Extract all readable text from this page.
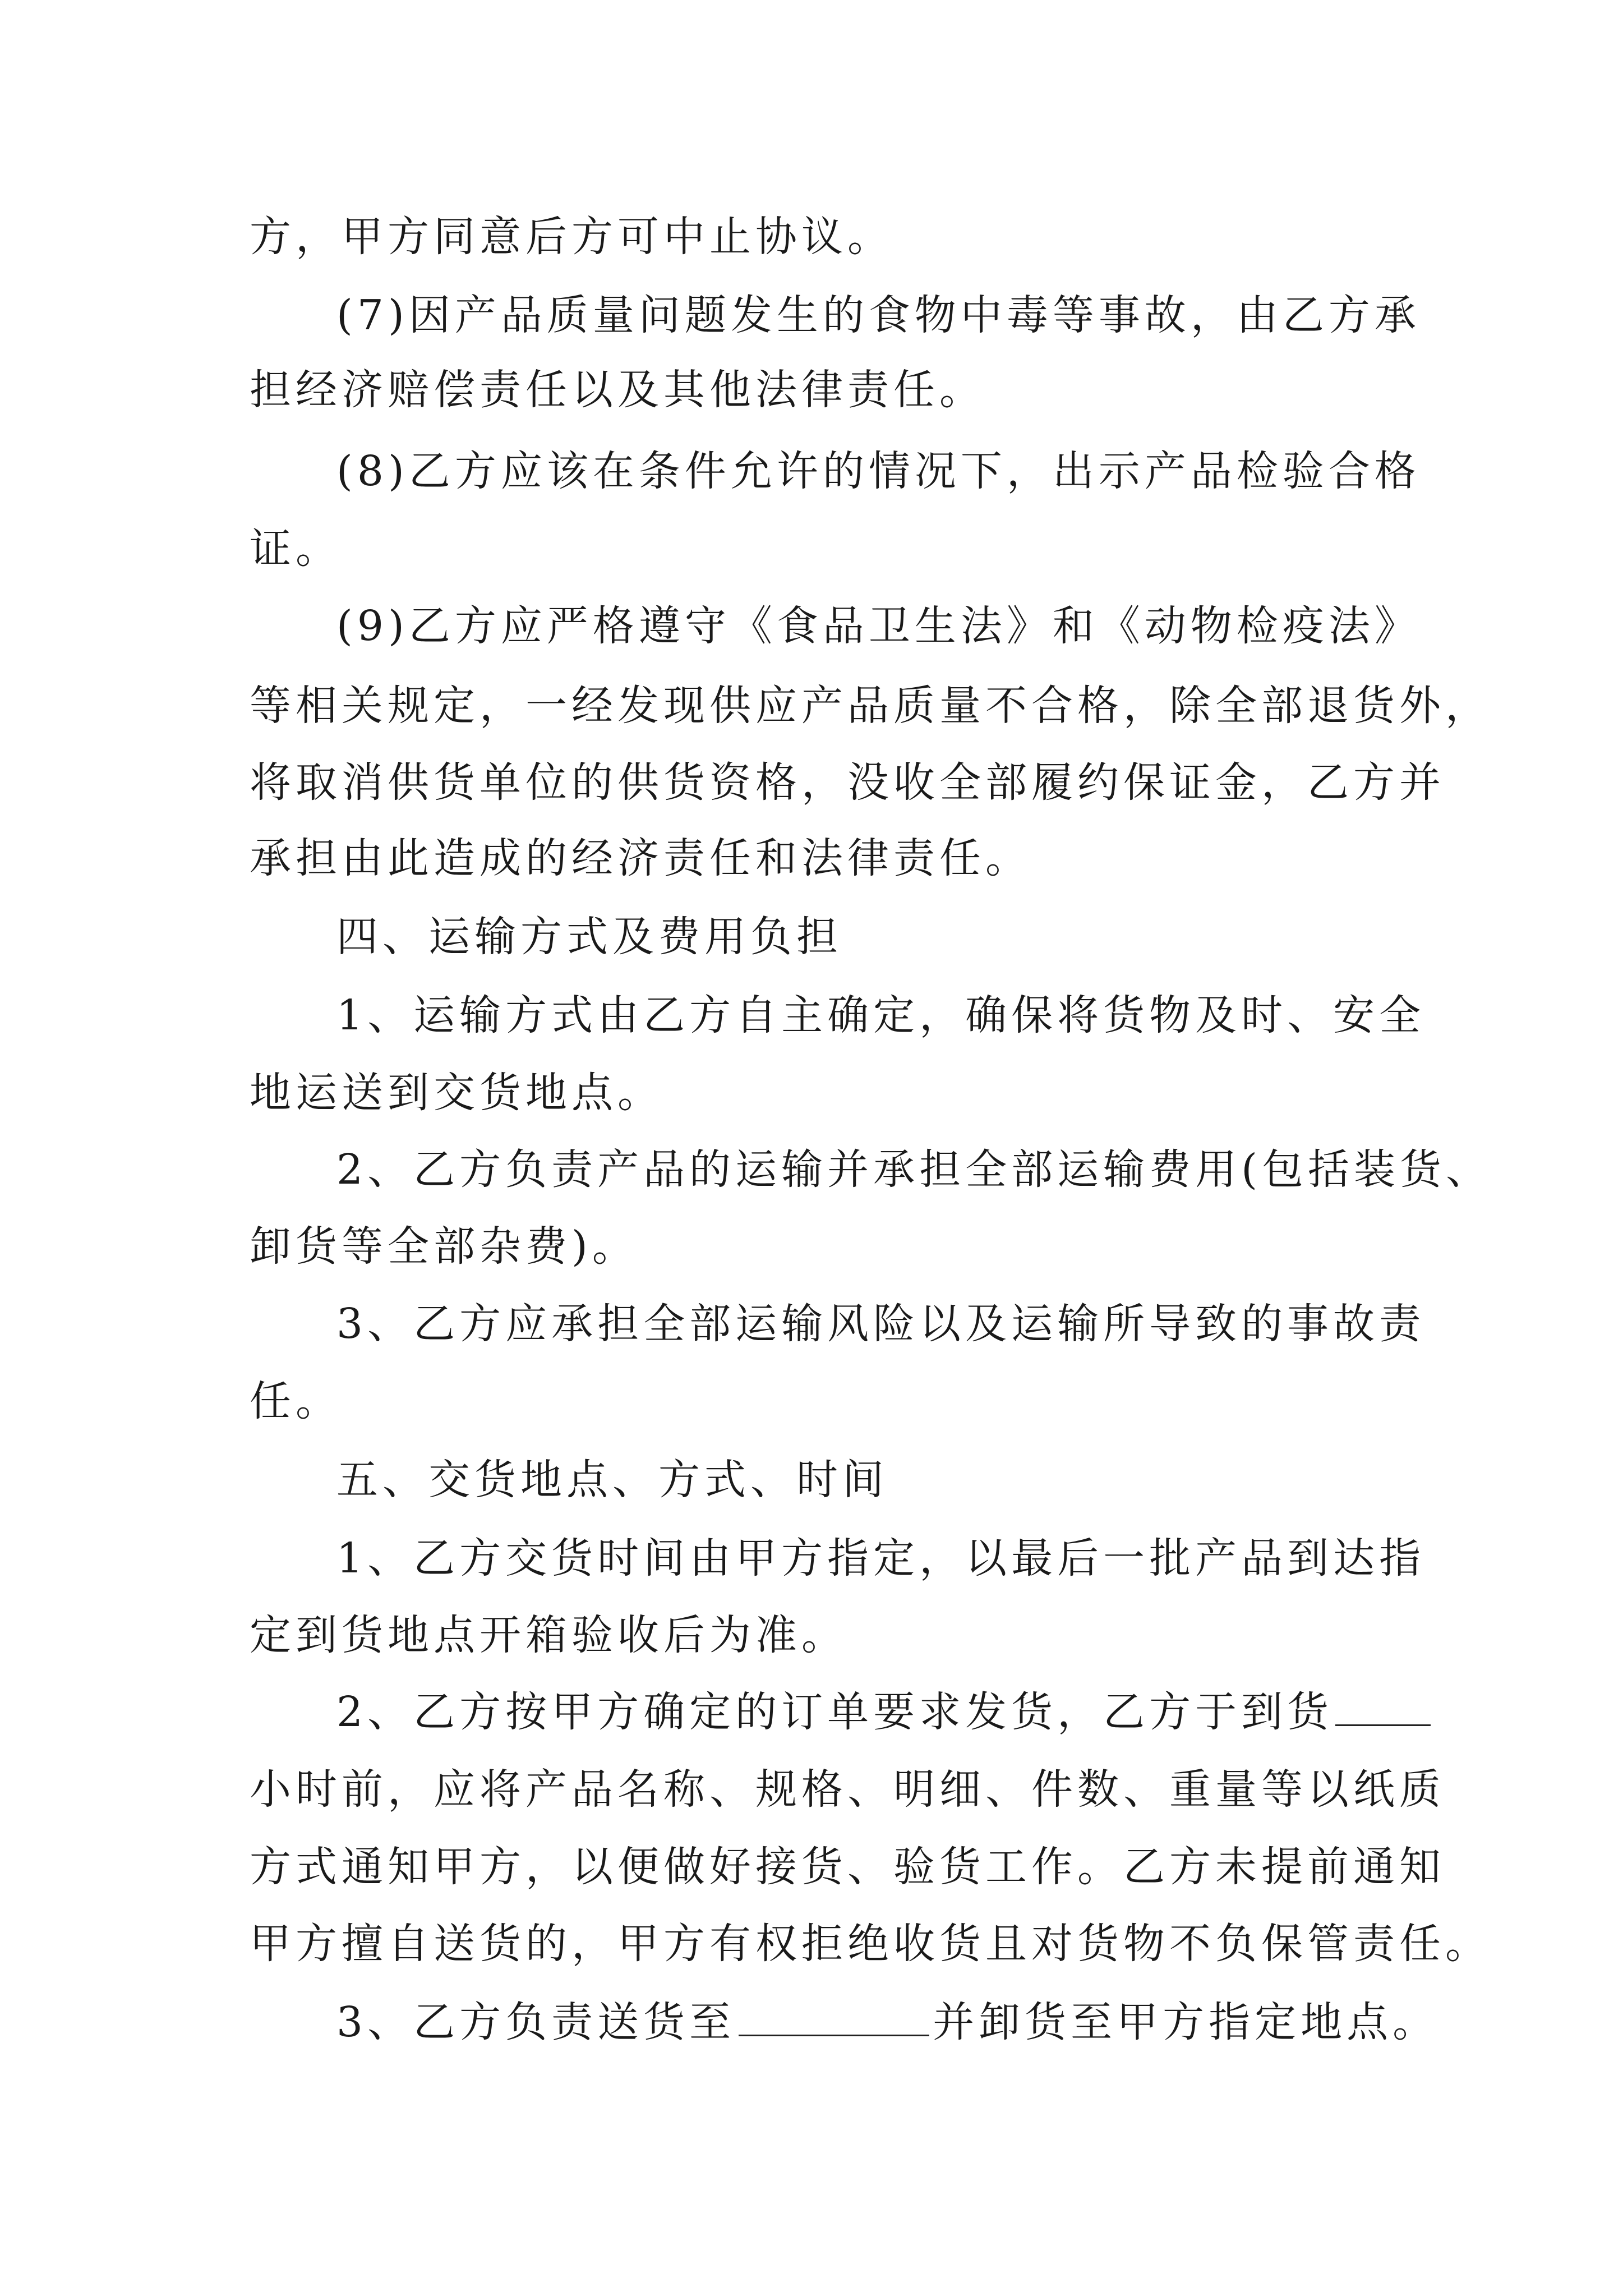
方，甲方同意后方可中止协议。

(7)因产品质量问题发生的食物中毒等事故，由乙方承

担经济赔偿责任以及其他法律责任。

(8)乙方应该在条件允许的情况下，出示产品检验合格

证。

(9)乙方应严格遵守《食品卫生法》和《动物检疫法》

等相关规定，一经发现供应产品质量不合格，除全部退货外，

将取消供货单位的供货资格，没收全部履约保证金，乙方并

承担由此造成的经济责任和法律责任。

四、运输方式及费用负担

1、运输方式由乙方自主确定，确保将货物及时、安全

地运送到交货地点。

2、乙方负责产品的运输并承担全部运输费用(包括装货、

卸货等全部杂费)。

3、乙方应承担全部运输风险以及运输所导致的事故责

任。

五、交货地点、方式、时间

1、乙方交货时间由甲方指定，以最后一批产品到达指

定到货地点开箱验收后为准。

2、乙方按甲方确定的订单要求发货，乙方于到货

小时前，应将产品名称、规格、明细、件数、重量等以纸质

方式通知甲方，以便做好接货、验货工作。乙方未提前通知

甲方擅自送货的，甲方有权拒绝收货且对货物不负保管责任。

3、乙方负责送货至	并卸货至甲方指定地点。
